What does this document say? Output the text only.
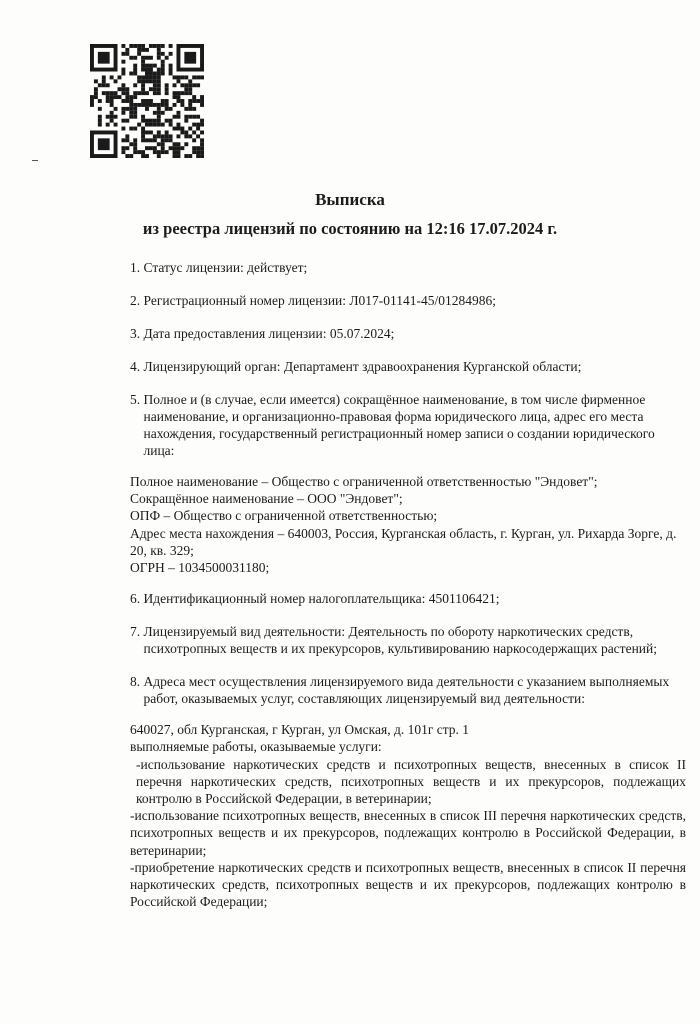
Выписка
из реестра лицензий по состоянию на 12:16 17.07.2024 г.
1. Статус лицензии: действует;
2. Регистрационный номер лицензии: Л017-01141-45/01284986;
3. Дата предоставления лицензии: 05.07.2024;
4. Лицензирующий орган: Департамент здравоохранения Курганской области;
5. Полное и (в случае, если имеется) сокращённое наименование, в том числе фирменное наименование, и организационно-правовая форма юридического лица, адрес его места нахождения, государственный регистрационный номер записи о создании юридического лица:
Полное наименование – Общество с ограниченной ответственностью "Эндовет";
Сокращённое наименование – ООО "Эндовет";
ОПФ – Общество с ограниченной ответственностью;
Адрес места нахождения – 640003, Россия, Курганская область, г. Курган, ул. Рихарда Зорге, д. 20, кв. 329;
ОГРН – 1034500031180;
6. Идентификационный номер налогоплательщика: 4501106421;
7. Лицензируемый вид деятельности: Деятельность по обороту наркотических средств, психотропных веществ и их прекурсоров, культивированию наркосодержащих растений;
8. Адреса мест осуществления лицензируемого вида деятельности с указанием выполняемых работ, оказываемых услуг, составляющих лицензируемый вид деятельности:
640027, обл Курганская, г Курган, ул Омская, д. 101г стр. 1
выполняемые работы, оказываемые услуги:
-использование наркотических средств и психотропных веществ, внесенных в список II перечня наркотических средств, психотропных веществ и их прекурсоров, подлежащих контролю в Российской Федерации, в ветеринарии;
-использование психотропных веществ, внесенных в список III перечня наркотических средств, психотропных веществ и их прекурсоров, подлежащих контролю в Российской Федерации, в ветеринарии;
-приобретение наркотических средств и психотропных веществ, внесенных в список II перечня наркотических средств, психотропных веществ и их прекурсоров, подлежащих контролю в Российской Федерации;
